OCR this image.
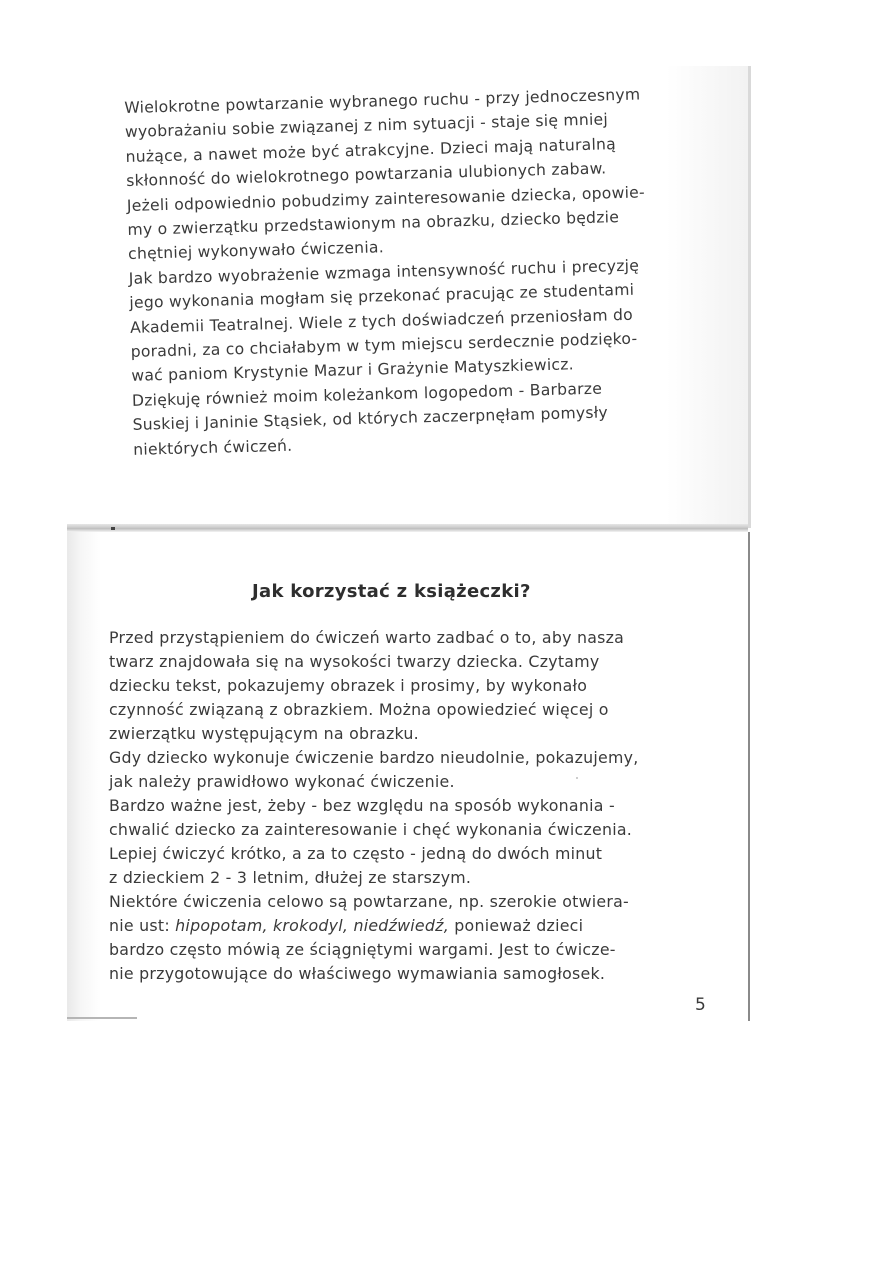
Wielokrotne powtarzanie wybranego ruchu - przy jednoczesnym
wyobrażaniu sobie związanej z nim sytuacji - staje się mniej
nużące, a nawet może być atrakcyjne. Dzieci mają naturalną
skłonność do wielokrotnego powtarzania ulubionych zabaw.
Jeżeli odpowiednio pobudzimy zainteresowanie dziecka, opowie-
my o zwierzątku przedstawionym na obrazku, dziecko będzie
chętniej wykonywało ćwiczenia.
Jak bardzo wyobrażenie wzmaga intensywność ruchu i precyzję
jego wykonania mogłam się przekonać pracując ze studentami
Akademii Teatralnej. Wiele z tych doświadczeń przeniosłam do
poradni, za co chciałabym w tym miejscu serdecznie podzięko-
wać paniom Krystynie Mazur i Grażynie Matyszkiewicz.
Dziękuję również moim koleżankom logopedom - Barbarze
Suskiej i Janinie Stąsiek, od których zaczerpnęłam pomysły
niektórych ćwiczeń.
Jak korzystać z książeczki?
Przed przystąpieniem do ćwiczeń warto zadbać o to, aby nasza
twarz znajdowała się na wysokości twarzy dziecka. Czytamy
dziecku tekst, pokazujemy obrazek i prosimy, by wykonało
czynność związaną z obrazkiem. Można opowiedzieć więcej o
zwierzątku występującym na obrazku.
Gdy dziecko wykonuje ćwiczenie bardzo nieudolnie, pokazujemy,
jak należy prawidłowo wykonać ćwiczenie.
Bardzo ważne jest, żeby - bez względu na sposób wykonania -
chwalić dziecko za zainteresowanie i chęć wykonania ćwiczenia.
Lepiej ćwiczyć krótko, a za to często - jedną do dwóch minut
z dzieckiem 2 - 3 letnim, dłużej ze starszym.
Niektóre ćwiczenia celowo są powtarzane, np. szerokie otwiera-
nie ust: hipopotam, krokodyl, niedźwiedź, ponieważ dzieci
bardzo często mówią ze ściągniętymi wargami. Jest to ćwicze-
nie przygotowujące do właściwego wymawiania samogłosek.
5
